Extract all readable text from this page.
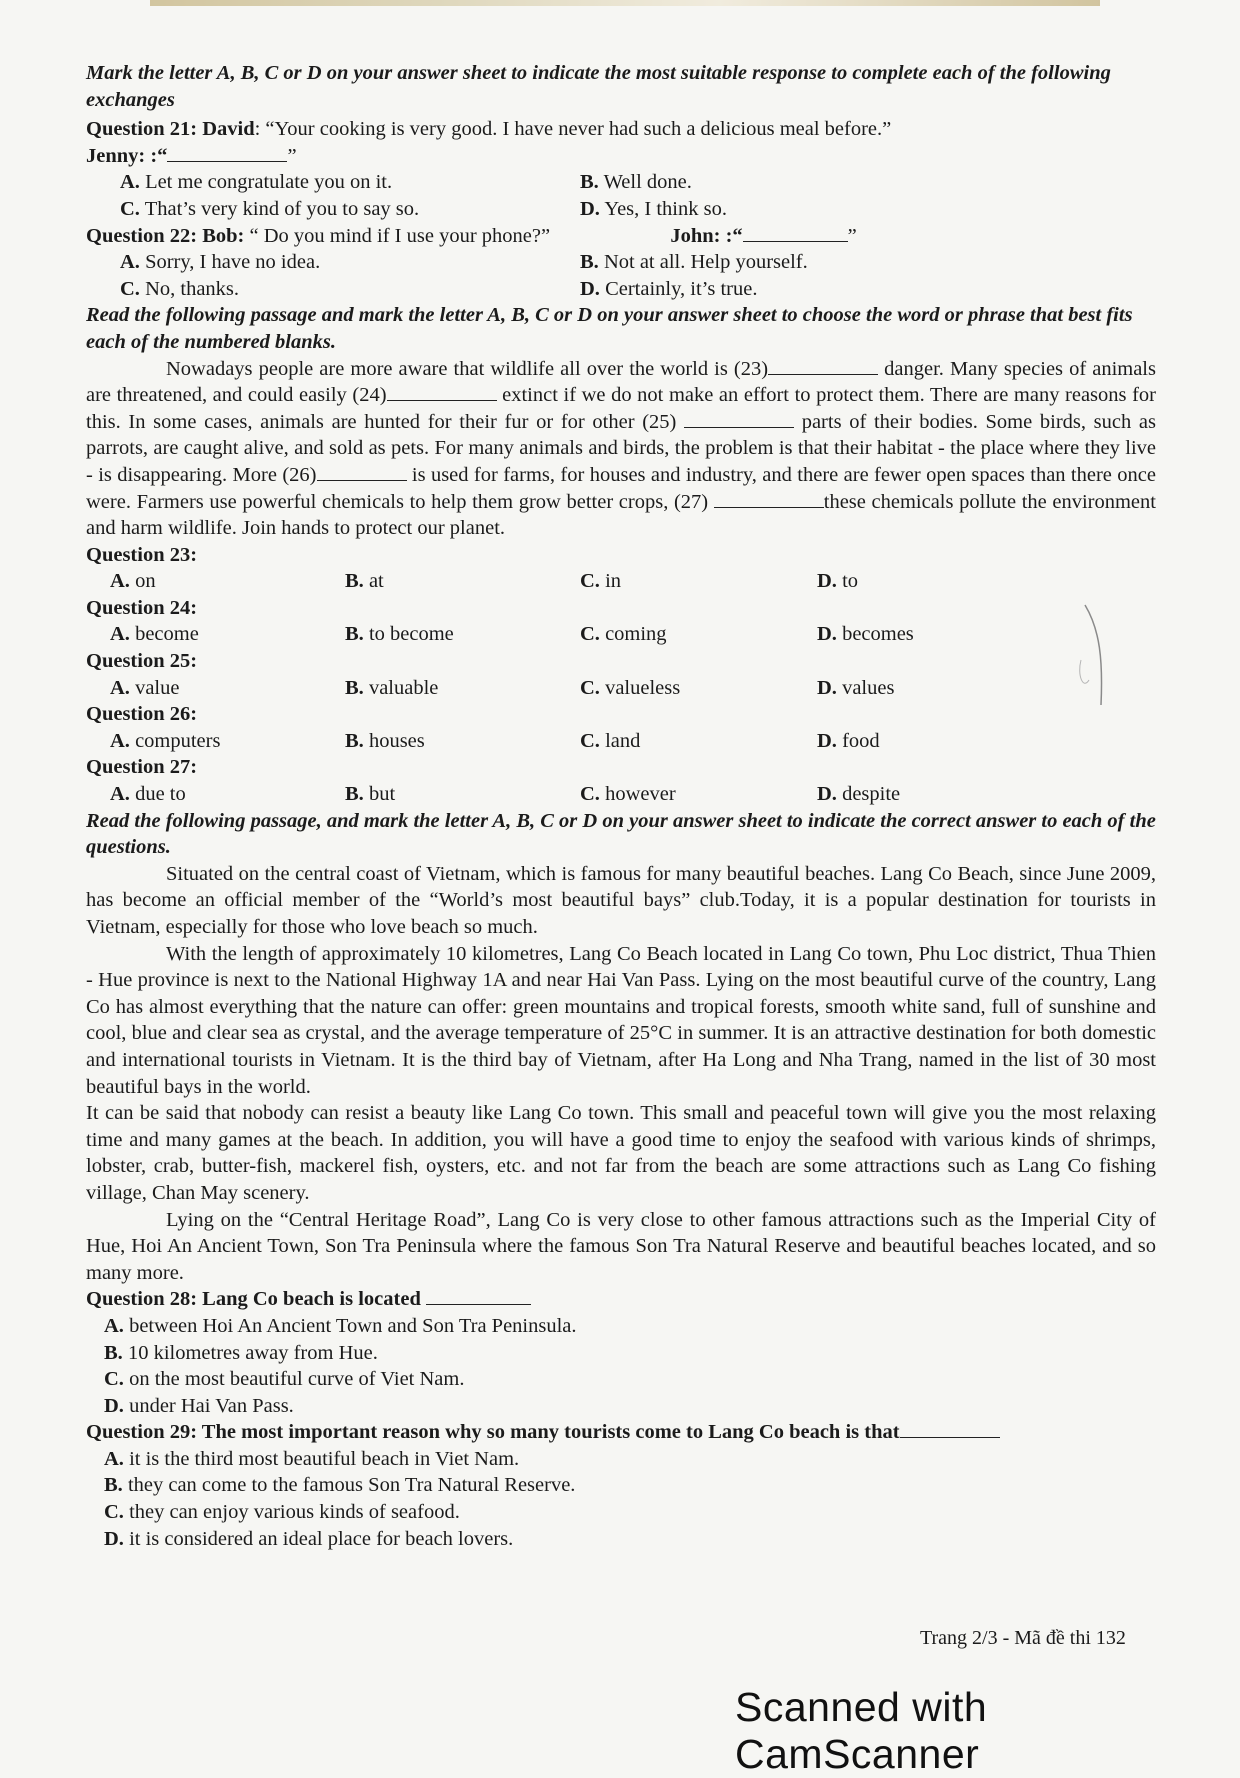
Mark the letter A, B, C or D on your answer sheet to indicate the most suitable response to complete each of the following exchanges

Question 21: David: “Your cooking is very good. I have never had such a delicious meal before.”

Jenny: :“	”

A. Let me congratulate you on it.	B. Well done.
C. That’s very kind of you to say so.	D. Yes, I think so.

Question 22: Bob: “ Do you mind if I use your phone?”	John: :“	”

A. Sorry, I have no idea.	B. Not at all. Help yourself.
C. No, thanks.	D. Certainly, it’s true.

Read the following passage and mark the letter A, B, C or D on your answer sheet to choose the word or phrase that best fits each of the numbered blanks.

Nowadays people are more aware that wildlife all over the world is (23)	danger. Many species of animals are threatened, and could easily (24)	extinct if we do not make an effort to protect them. There are many reasons for this. In some cases, animals are hunted for their fur or for other (25)	parts of their bodies. Some birds, such as parrots, are caught alive, and sold as pets. For many animals and birds, the problem is that their habitat - the place where they live - is disappearing. More (26)	is used for farms, for houses and industry, and there are fewer open spaces than there once were. Farmers use powerful chemicals to help them grow better crops, (27)	these chemicals pollute the environment and harm wildlife. Join hands to protect our planet.

Question 23:

A. on	B. at	C. in	D. to

Question 24:

A. become	B. to become	C. coming	D. becomes

Question 25:

A. value	B. valuable	C. valueless	D. values

Question 26:

A. computers	B. houses	C. land	D. food

Question 27:

A. due to	B. but	C. however	D. despite

Read the following passage, and mark the letter A, B, C or D on your answer sheet to indicate the correct answer to each of the questions.

Situated on the central coast of Vietnam, which is famous for many beautiful beaches. Lang Co Beach, since June 2009, has become an official member of the “World’s most beautiful bays” club.Today, it is a popular destination for tourists in Vietnam, especially for those who love beach so much.

With the length of approximately 10 kilometres, Lang Co Beach located in Lang Co town, Phu Loc district, Thua Thien - Hue province is next to the National Highway 1A and near Hai Van Pass. Lying on the most beautiful curve of the country, Lang Co has almost everything that the nature can offer: green mountains and tropical forests, smooth white sand, full of sunshine and cool, blue and clear sea as crystal, and the average temperature of 25°C in summer. It is an attractive destination for both domestic and international tourists in Vietnam. It is the third bay of Vietnam, after Ha Long and Nha Trang, named in the list of 30 most beautiful bays in the world.

It can be said that nobody can resist a beauty like Lang Co town. This small and peaceful town will give you the most relaxing time and many games at the beach. In addition, you will have a good time to enjoy the seafood with various kinds of shrimps, lobster, crab, butter-fish, mackerel fish, oysters, etc. and not far from the beach are some attractions such as Lang Co fishing village, Chan May scenery.

Lying on the “Central Heritage Road”, Lang Co is very close to other famous attractions such as the Imperial City of Hue, Hoi An Ancient Town, Son Tra Peninsula where the famous Son Tra Natural Reserve and beautiful beaches located, and so many more.

Question 28: Lang Co beach is located

A. between Hoi An Ancient Town and Son Tra Peninsula.

B. 10 kilometres away from Hue.

C. on the most beautiful curve of Viet Nam.

D. under Hai Van Pass.

Question 29: The most important reason why so many tourists come to Lang Co beach is that

A. it is the third most beautiful beach in Viet Nam.

B. they can come to the famous Son Tra Natural Reserve.

C. they can enjoy various kinds of seafood.

D. it is considered an ideal place for beach lovers.

Trang 2/3 - Mã đề thi 132
Scanned with CamScanner
